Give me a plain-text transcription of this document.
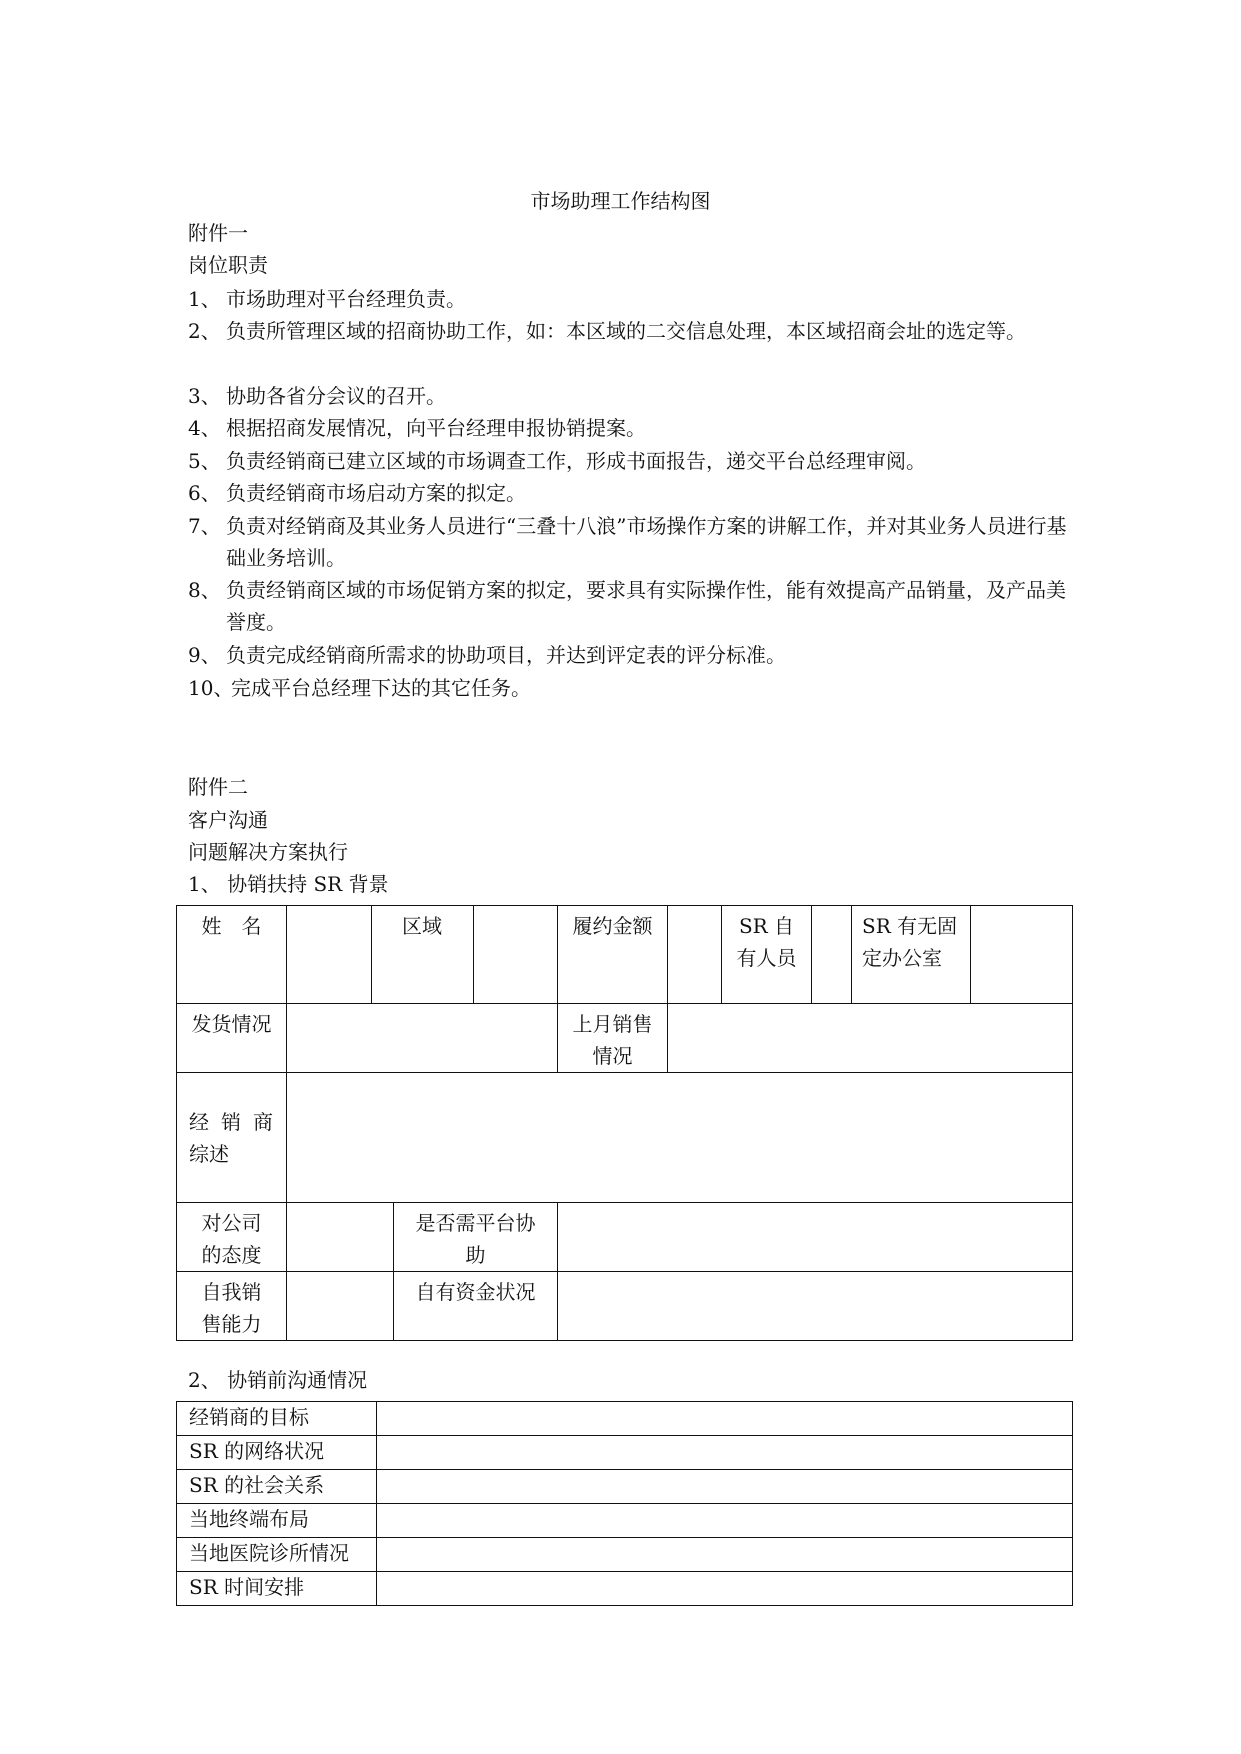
市场助理工作结构图
附件一
岗位职责
1、 市场助理对平台经理负责。
2、 负责所管理区域的招商协助工作，如：本区域的二交信息处理，本区域招商会址的选定等。
3、 协助各省分会议的召开。
4、 根据招商发展情况，向平台经理申报协销提案。
5、 负责经销商已建立区域的市场调查工作，形成书面报告，递交平台总经理审阅。
6、 负责经销商市场启动方案的拟定。
7、 负责对经销商及其业务人员进行“三叠十八浪”市场操作方案的讲解工作，并对其业务人员进行基础业务培训。
8、 负责经销商区域的市场促销方案的拟定，要求具有实际操作性，能有效提高产品销量，及产品美誉度。
9、 负责完成经销商所需求的协助项目，并达到评定表的评分标准。
10、
完成平台总经理下达的其它任务。
附件二
客户沟通
问题解决方案执行
1、 协销扶持 SR 背景
姓　名		区域			履约金额		SR 自有人员		SR 有无固定办公室	
发货情况					上月销售情况					

经销商
综述										

对公司的态度			是否需平台协助							
自我销售能力			自有资金状况							
2、 协销前沟通情况
经销商的目标	
SR 的网络状况	
SR 的社会关系	
当地终端布局	
当地医院诊所情况	
SR 时间安排	
